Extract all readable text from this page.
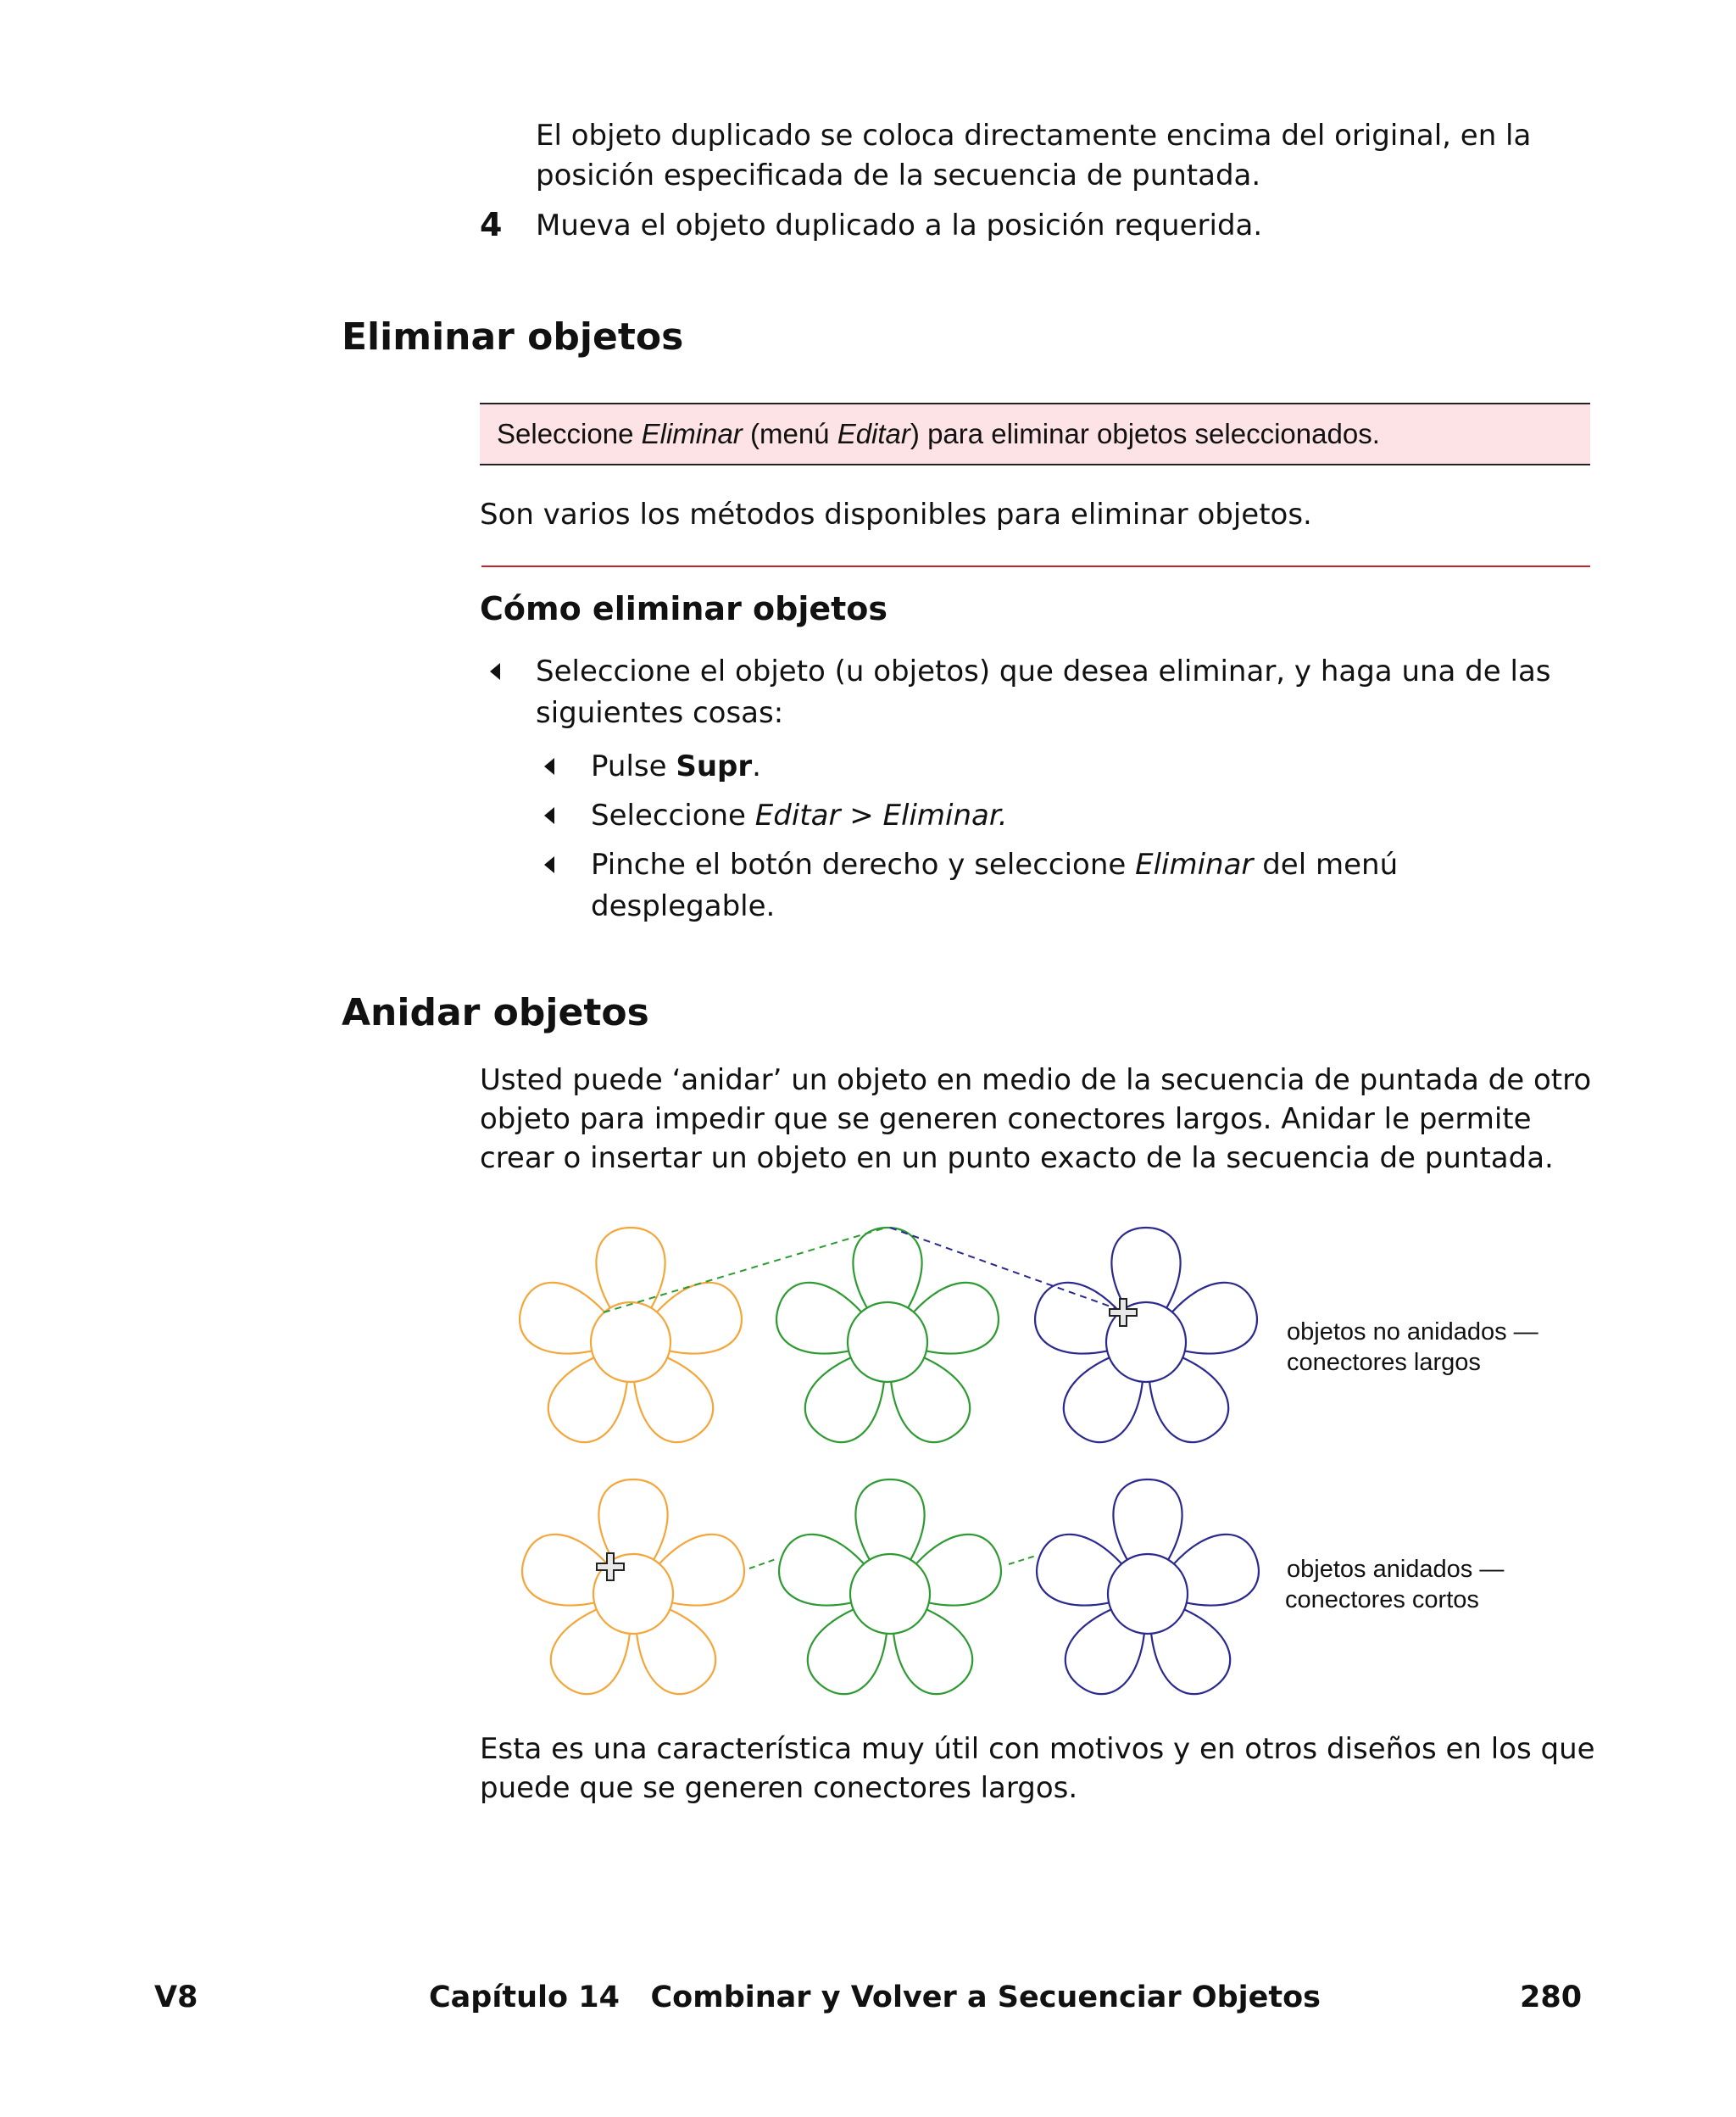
El objeto duplicado se coloca directamente encima del original, en la
posición especificada de la secuencia de puntada.
4 Mueva el objeto duplicado a la posición requerida.
Eliminar objetos
Seleccione Eliminar (menú Editar) para eliminar objetos seleccionados.
Son varios los métodos disponibles para eliminar objetos.
Cómo eliminar objetos
Seleccione el objeto (u objetos) que desea eliminar, y haga una de las
siguientes cosas:
Pulse Supr.
Seleccione Editar > Eliminar.
Pinche el botón derecho y seleccione Eliminar del menú
desplegable.
Anidar objetos
Usted puede ‘anidar’ un objeto en medio de la secuencia de puntada de otro
objeto para impedir que se generen conectores largos. Anidar le permite
crear o insertar un objeto en un punto exacto de la secuencia de puntada.
objetos no anidados —
conectores largos
objetos anidados —
conectores cortos
Esta es una característica muy útil con motivos y en otros diseños en los que
puede que se generen conectores largos.
V8	Capítulo 14   Combinar y Volver a Secuenciar Objetos	280
